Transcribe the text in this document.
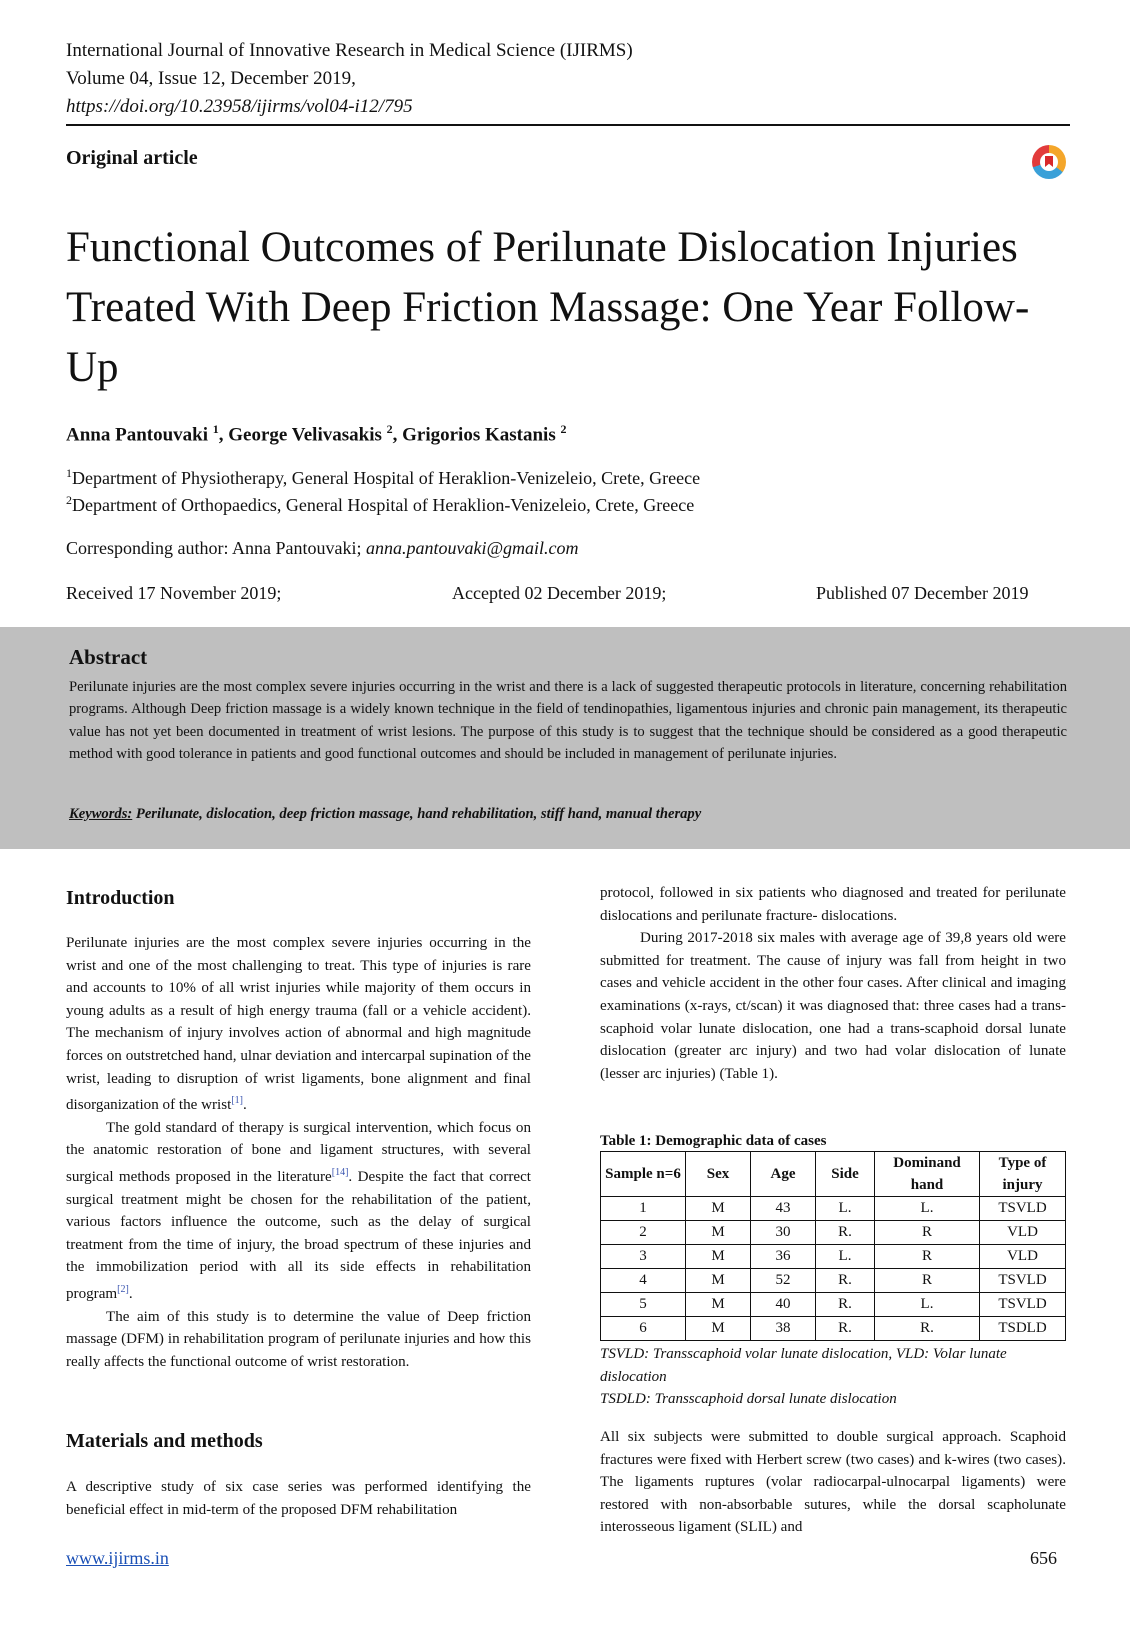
International Journal of Innovative Research in Medical Science (IJIRMS)
Volume 04, Issue 12, December 2019,
https://doi.org/10.23958/ijirms/vol04-i12/795
Original article
Functional Outcomes of Perilunate Dislocation Injuries Treated With Deep Friction Massage: One Year Follow-Up
Anna Pantouvaki $^1$, George Velivasakis $^2$, Grigorios Kastanis $^2$
$^1$Department of Physiotherapy, General Hospital of Heraklion-Venizeleio, Crete, Greece
$^2$Department of Orthopaedics, General Hospital of Heraklion-Venizeleio, Crete, Greece
Corresponding author: Anna Pantouvaki; anna.pantouvaki@gmail.com
Received 17 November 2019;	Accepted 02 December 2019;	Published 07 December 2019
Abstract
Perilunate injuries are the most complex severe injuries occurring in the wrist and there is a lack of suggested therapeutic protocols in literature, concerning rehabilitation programs. Although Deep friction massage is a widely known technique in the field of tendinopathies, ligamentous injuries and chronic pain management, its therapeutic value has not yet been documented in treatment of wrist lesions. The purpose of this study is to suggest that the technique should be considered as a good therapeutic method with good tolerance in patients and good functional outcomes and should be included in management of perilunate injuries.
Keywords: Perilunate, dislocation, deep friction massage, hand rehabilitation, stiff hand, manual therapy
Introduction

Perilunate injuries are the most complex severe injuries occurring in the wrist and one of the most challenging to treat. This type of injuries is rare and accounts to 10% of all wrist injuries while majority of them occurs in young adults as a result of high energy trauma (fall or a vehicle accident). The mechanism of injury involves action of abnormal and high magnitude forces on outstretched hand, ulnar deviation and intercarpal supination of the wrist, leading to disruption of wrist ligaments, bone alignment and final disorganization of the wrist[1].

The gold standard of therapy is surgical intervention, which focus on the anatomic restoration of bone and ligament structures, with several surgical methods proposed in the literature[14]. Despite the fact that correct surgical treatment might be chosen for the rehabilitation of the patient, various factors influence the outcome, such as the delay of surgical treatment from the time of injury, the broad spectrum of these injuries and the immobilization period with all its side effects in rehabilitation program[2].

The aim of this study is to determine the value of Deep friction massage (DFM) in rehabilitation program of perilunate injuries and how this really affects the functional outcome of wrist restoration.

Materials and methods

A descriptive study of six case series was performed identifying the beneficial effect in mid-term of the proposed DFM rehabilitation

protocol, followed in six patients who diagnosed and treated for perilunate dislocations and perilunate fracture- dislocations.

During 2017-2018 six males with average age of 39,8 years old were submitted for treatment. The cause of injury was fall from height in two cases and vehicle accident in the other four cases. After clinical and imaging examinations (x-rays, ct/scan) it was diagnosed that: three cases had a trans-scaphoid volar lunate dislocation, one had a trans-scaphoid dorsal lunate dislocation (greater arc injury) and two had volar dislocation of lunate (lesser arc injuries) (Table 1).

Table 1: Demographic data of cases
Sample n=6	Sex	Age	Side	Dominand hand	Type of injury
1	M	43	L.	L.	TSVLD
2	M	30	R.	R	VLD
3	M	36	L.	R	VLD
4	M	52	R.	R	TSVLD
5	M	40	R.	L.	TSVLD
6	M	38	R.	R.	TSDLD
TSVLD: Transscaphoid volar lunate dislocation, VLD: Volar lunate dislocation
TSDLD: Transscaphoid dorsal lunate dislocation

All six subjects were submitted to double surgical approach. Scaphoid fractures were fixed with Herbert screw (two cases) and k-wires (two cases). The ligaments ruptures (volar radiocarpal-ulnocarpal ligaments) were restored with non-absorbable sutures, while the dorsal scapholunate interosseous ligament (SLIL) and

www.ijirms.in	656
